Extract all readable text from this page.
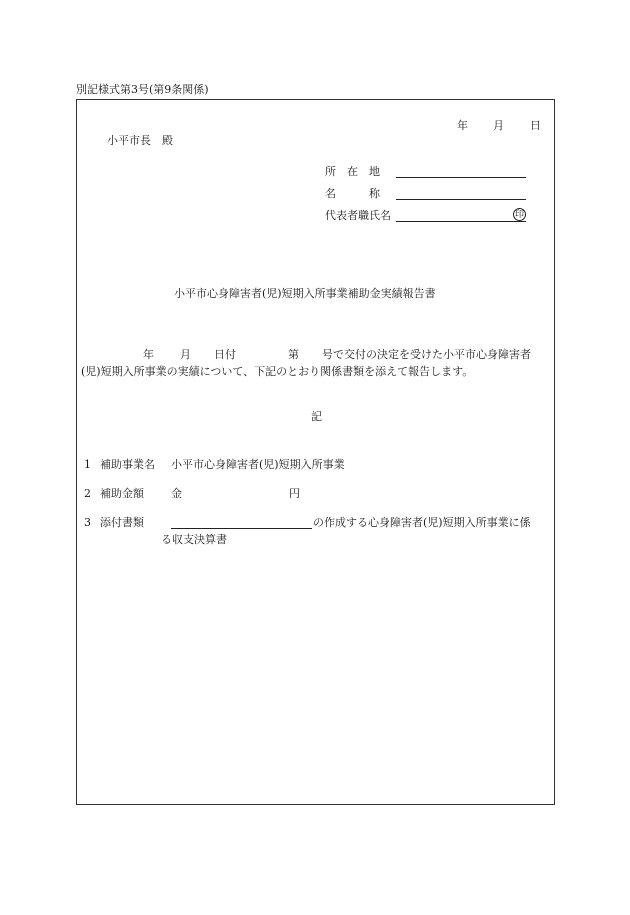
別記様式第3号(第9条関係)
年 月 日
小平市長　殿
所　在　地
名　　　称
代表者職氏名	印
小平市心身障害者(児)短期入所事業補助金実績報告書
年 月 日付	第 号で交付の決定を受けた小平市心身障害者
(児)短期入所事業の実績について、下記のとおり関係書類を添えて報告します。
記
1 補助事業名 小平市心身障害者(児)短期入所事業
2 補助金額 金	円
3 添付書類	の作成する心身障害者(児)短期入所事業に係
る収支決算書
